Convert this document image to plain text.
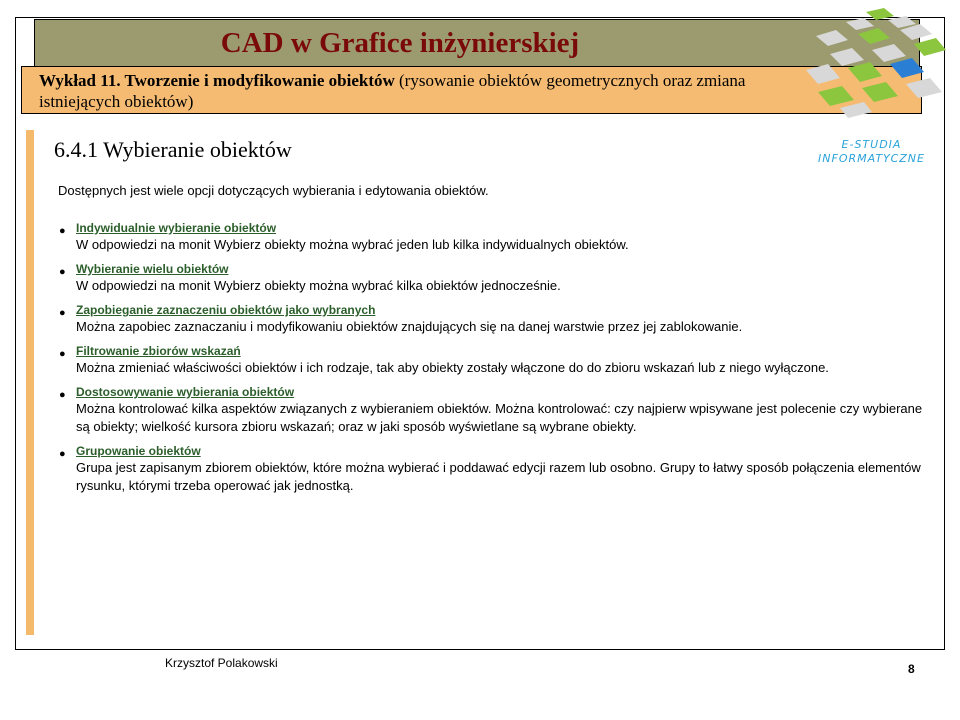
CAD w Grafice inżynierskiej
Wykład 11. Tworzenie i modyfikowanie obiektów (rysowanie obiektów geometrycznych oraz zmiana istniejących obiektów)
E-STUDIA
INFORMATYCZNE
6.4.1 Wybieranie obiektów
Dostępnych jest wiele opcji dotyczących wybierania i edytowania obiektów.
● Indywidualnie wybieranie obiektów
W odpowiedzi na monit Wybierz obiekty można wybrać jeden lub kilka indywidualnych obiektów.
● Wybieranie wielu obiektów
W odpowiedzi na monit Wybierz obiekty można wybrać kilka obiektów jednocześnie.
● Zapobieganie zaznaczeniu obiektów jako wybranych
Można zapobiec zaznaczaniu i modyfikowaniu obiektów znajdujących się na danej warstwie przez jej zablokowanie.
● Filtrowanie zbiorów wskazań
Można zmieniać właściwości obiektów i ich rodzaje, tak aby obiekty zostały włączone do do zbioru wskazań lub z niego wyłączone.
● Dostosowywanie wybierania obiektów
Można kontrolować kilka aspektów związanych z wybieraniem obiektów. Można kontrolować: czy najpierw wpisywane jest polecenie czy wybierane są obiekty; wielkość kursora zbioru wskazań; oraz w jaki sposób wyświetlane są wybrane obiekty.
● Grupowanie obiektów
Grupa jest zapisanym zbiorem obiektów, które można wybierać i poddawać edycji razem lub osobno. Grupy to łatwy sposób połączenia elementów rysunku, którymi trzeba operować jak jednostką.
Krzysztof Polakowski	8
